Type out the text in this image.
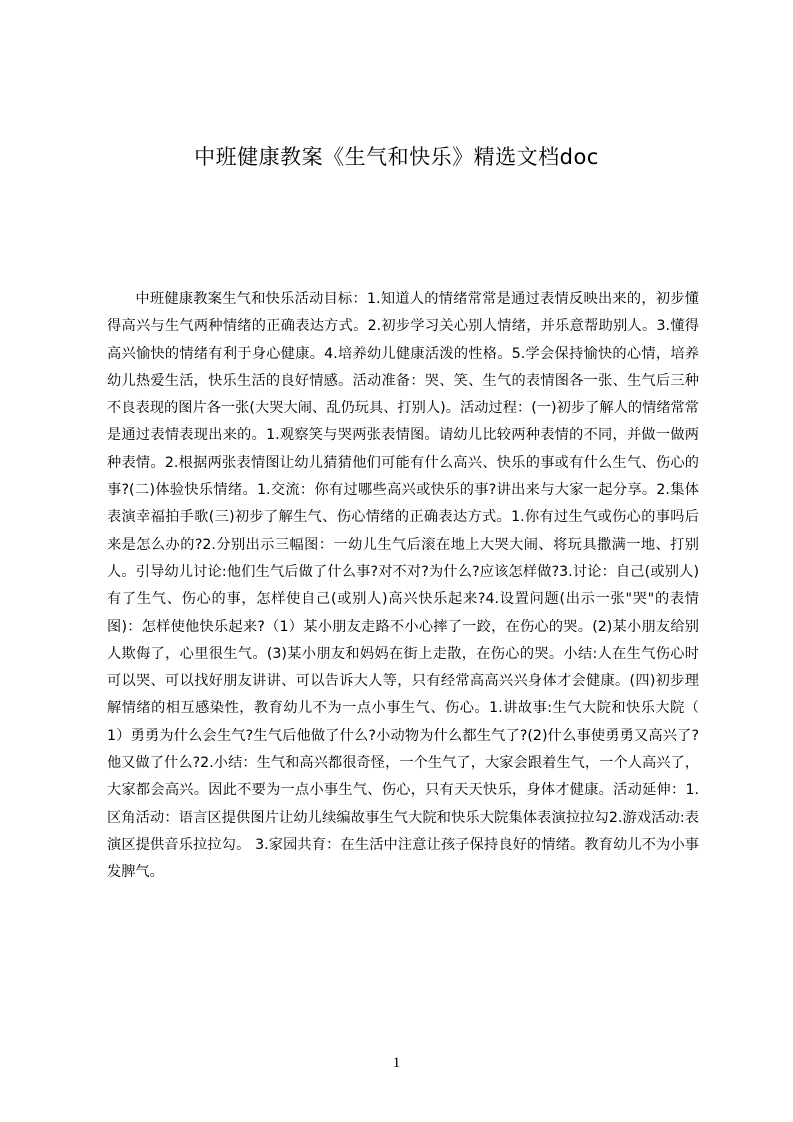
中班健康教案《生气和快乐》精选文档doc
中班健康教案生气和快乐活动目标：1.知道人的情绪常常是通过表情反映出来的，初步懂得高兴与生气两种情绪的正确表达方式。2.初步学习关心别人情绪，并乐意帮助别人。3.懂得高兴愉快的情绪有利于身心健康。4.培养幼儿健康活泼的性格。5.学会保持愉快的心情，培养幼儿热爱生活，快乐生活的良好情感。活动准备：哭、笑、生气的表情图各一张、生气后三种不良表现的图片各一张(大哭大闹、乱仍玩具、打别人)。活动过程：(一)初步了解人的情绪常常是通过表情表现出来的。1.观察笑与哭两张表情图。请幼儿比较两种表情的不同，并做一做两种表情。2.根据两张表情图让幼儿猜猜他们可能有什么高兴、快乐的事或有什么生气、伤心的事?(二)体验快乐情绪。1.交流：你有过哪些高兴或快乐的事?讲出来与大家一起分享。2.集体表演幸福拍手歌(三)初步了解生气、伤心情绪的正确表达方式。1.你有过生气或伤心的事吗后来是怎么办的?2.分别出示三幅图：一幼儿生气后滚在地上大哭大闹、将玩具撒满一地、打别人。引导幼儿讨论:他们生气后做了什么事?对不对?为什么?应该怎样做?3.讨论：自己(或别人)有了生气、伤心的事，怎样使自己(或别人)高兴快乐起来?4.设置问题(出示一张"哭"的表情图)：怎样使他快乐起来?（1）某小朋友走路不小心摔了一跤，在伤心的哭。(2)某小朋友给别人欺侮了，心里很生气。(3)某小朋友和妈妈在街上走散，在伤心的哭。小结:人在生气伤心时可以哭、可以找好朋友讲讲、可以告诉大人等，只有经常高高兴兴身体才会健康。(四)初步理解情绪的相互感染性，教育幼儿不为一点小事生气、伤心。1.讲故事:生气大院和快乐大院（ 1）勇勇为什么会生气?生气后他做了什么?小动物为什么都生气了?(2)什么事使勇勇又高兴了?他又做了什么?2.小结：生气和高兴都很奇怪，一个生气了，大家会跟着生气，一个人高兴了，大家都会高兴。因此不要为一点小事生气、伤心，只有天天快乐，身体才健康。活动延伸：1.区角活动：语言区提供图片让幼儿续编故事生气大院和快乐大院集体表演拉拉勾2.游戏活动:表演区提供音乐拉拉勾。 3.家园共育：在生活中注意让孩子保持良好的情绪。教育幼儿不为小事发脾气。
1
